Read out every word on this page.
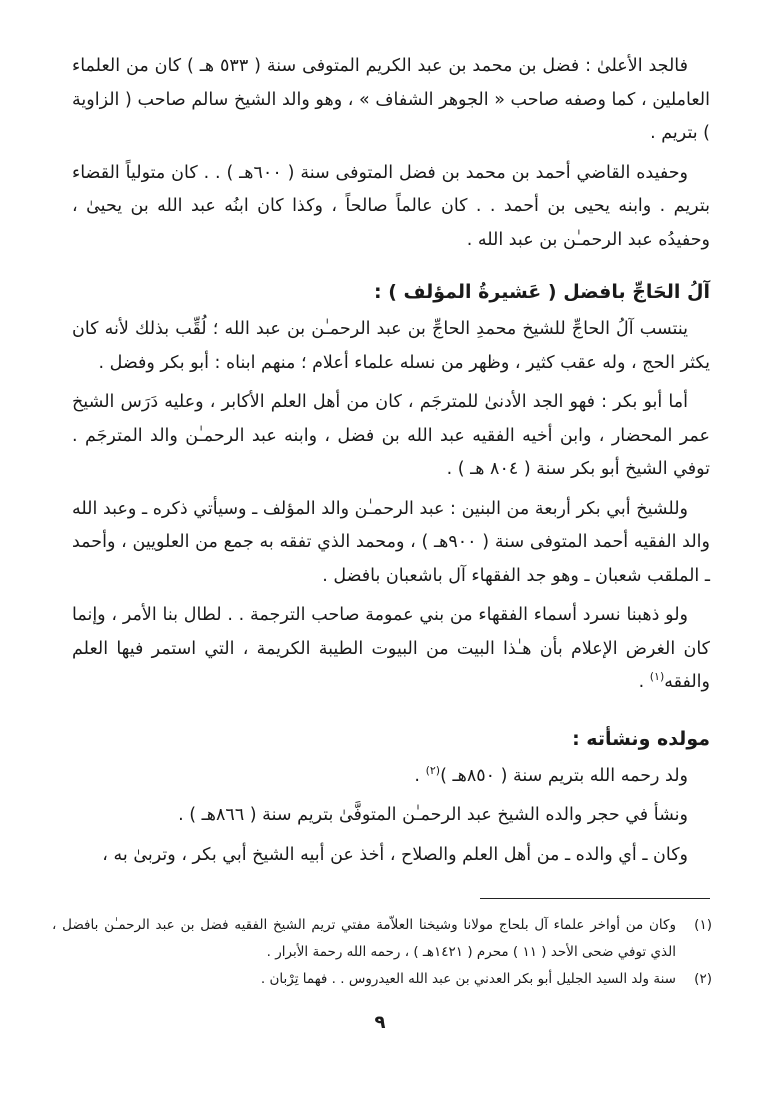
فالجد الأعلىٰ : فضل بن محمد بن عبد الكريم المتوفى سنة ( ٥٣٣ هـ ) كان من العلماء العاملين ، كما وصفه صاحب « الجوهر الشفاف » ، وهو والد الشيخ سالم صاحب ( الزاوية ) بتريم .

وحفيده القاضي أحمد بن محمد بن فضل المتوفى سنة ( ٦٠٠هـ ) . . كان متولياً القضاء بتريم . وابنه يحيى بن أحمد . . كان عالماً صالحاً ، وكذا كان ابنُه عبد الله بن يحيىٰ ، وحفيدُه عبد الرحمـٰن بن عبد الله .

آلُ الحَاجِّ بافضل ( عَشيرةُ المؤلف ) :

ينتسب آلُ الحاجِّ للشيخ محمدِ الحاجِّ بن عبد الرحمـٰن بن عبد الله ؛ لُقِّب بذلك لأنه كان يكثر الحج ، وله عقب كثير ، وظهر من نسله علماء أعلام ؛ منهم ابناه : أبو بكر وفضل .

أما أبو بكر : فهو الجد الأدنىٰ للمترجَم ، كان من أهل العلم الأكابر ، وعليه دَرَس الشيخ عمر المحضار ، وابن أخيه الفقيه عبد الله بن فضل ، وابنه عبد الرحمـٰن والد المترجَم . توفي الشيخ أبو بكر سنة ( ٨٠٤ هـ ) .

وللشيخ أبي بكر أربعة من البنين : عبد الرحمـٰن والد المؤلف ـ وسيأتي ذكره ـ وعبد الله والد الفقيه أحمد المتوفى سنة ( ٩٠٠هـ ) ، ومحمد الذي تفقه به جمع من العلويين ، وأحمد ـ الملقب شعبان ـ وهو جد الفقهاء آل باشعبان بافضل .

ولو ذهبنا نسرد أسماء الفقهاء من بني عمومة صاحب الترجمة . . لطال بنا الأمر ، وإنما كان الغرض الإعلام بأن هـٰذا البيت من البيوت الطيبة الكريمة ، التي استمر فيها العلم والفقه$^{(١)}$ .

مولده ونشأته :
ولد رحمه الله بتريم سنة ( ٨٥٠هـ )$^{(٢)}$ .
ونشأ في حجر والده الشيخ عبد الرحمـٰن المتوفَّىٰ بتريم سنة ( ٨٦٦هـ ) .
وكان ـ أي والده ـ من أهل العلم والصلاح ، أخذ عن أبيه الشيخ أبي بكر ، وتربىٰ به ،
(١)
وكان من أواخر علماء آل بلحاج مولانا وشيخنا العلاّمة مفتي تريم الشيخ الفقيه فضل بن عبد الرحمـٰن بافضل ، الذي توفي ضحى الأحد ( ١١ ) محرم ( ١٤٢١هـ ) ، رحمه الله رحمة الأبرار .
(٢)
سنة ولد السيد الجليل أبو بكر العدني بن عبد الله العيدروس . . فهما تِرْبان .
٩
